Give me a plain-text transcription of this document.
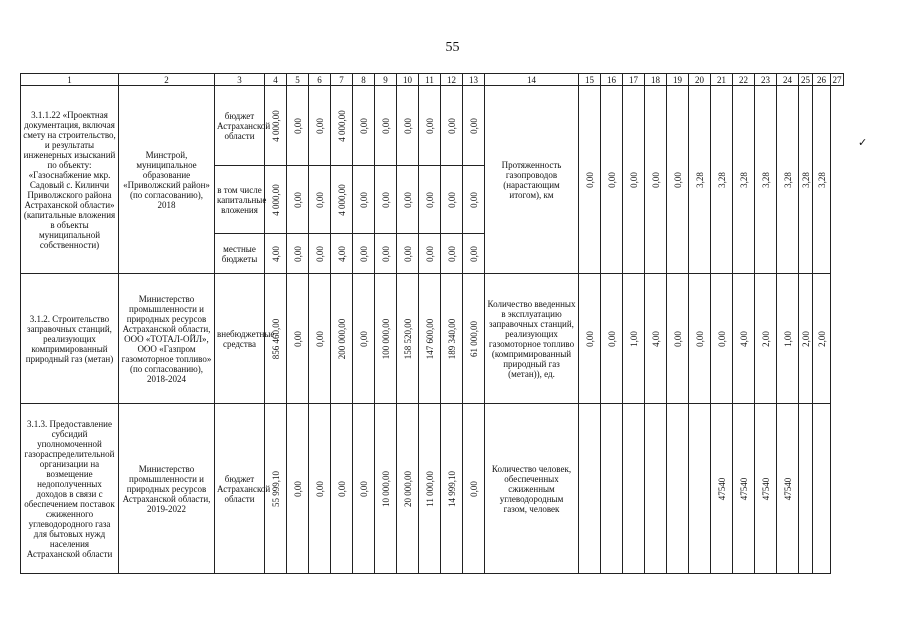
55
1	2	3	4	5	6	7	8	9	10	11	12	13	14	15	16	17	18	19	20	21	22	23	24	25	26	27
3.1.1.22 «Проектная документация, включая смету на строительство, и результаты инженерных изысканий по объекту: «Газоснабжение мкр. Садовый с. Килинчи Приволжского района Астраханской области» (капитальные вложения в объекты муниципальной собственности)	Минстрой, муниципальное образование «Приволжский район» (по согласованию), 2018	бюджет Астраханской области	4 000,00	0,00	0,00	4 000,00	0,00	0,00	0,00	0,00	0,00	0,00	Протяженность газопроводов (нарастающим итогом), км	0,00	0,00	0,00	0,00	0,00	3,28	3,28	3,28	3,28	3,28	3,28	3,28	

		в том числе капитальные вложения	4 000,00	0,00	0,00	4 000,00	0,00	0,00	0,00	0,00	0,00	0,00														

		местные бюджеты	4,00	0,00	0,00	4,00	0,00	0,00	0,00	0,00	0,00	0,00														

3.1.2. Строительство заправочных станций, реализующих компримированный природный газ (метан)	Министерство промышленности и природных ресурсов Астраханской области, ООО «ТОТАЛ-ОЙЛ», ООО «Газпром газомоторное топливо» (по согласованию), 2018-2024	внебюджетные средства	856 460,00	0,00	0,00	200 000,00	0,00	100 000,00	158 520,00	147 600,00	189 340,00	61 000,00	Количество введенных в эксплуатацию заправочных станций, реализующих газомоторное топливо (компримированный природный газ (метан)), ед.	0,00	0,00	1,00	4,00	0,00	0,00	0,00	4,00	2,00	1,00	2,00	2,00	

3.1.3. Предоставление субсидий уполномоченной газораспределительной организации на возмещение недополученных доходов в связи с обеспечением поставок сжиженного углеводородного газа для бытовых нужд населения Астраханской области	Министерство промышленности и природных ресурсов Астраханской области, 2019-2022	бюджет Астраханской области	55 999,10	0,00	0,00	0,00	0,00	10 000,00	20 000,00	11 000,00	14 999,10	0,00	Количество человек, обеспеченных сжиженным углеводородным газом, человек							47540	47540	47540	47540			

✓
